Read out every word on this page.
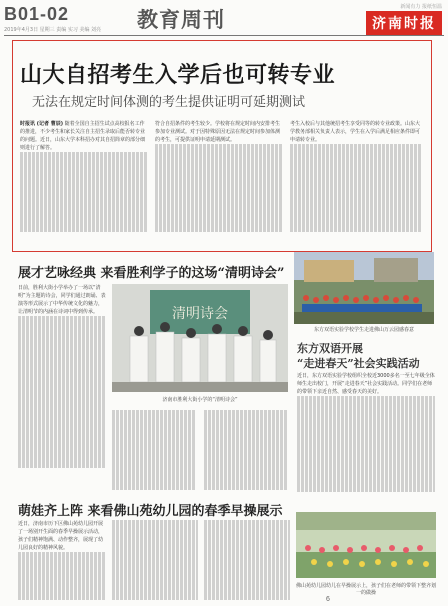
B01-02
2019年4月3日 星期三 责编 实习 美编 刘亮 教育周刊	新闻有力 报纸恒温
济南时报
山大自招考生入学后也可转专业
无法在规定时间体测的考生提供证明可延期测试
时报讯 (记者 曹辰) 随着全国自主招生试点高校报名工作的推进，不少考生和家长关注自主招生录取后能否转专业的问题。近日，山东大学本科招办对其自招简章的部分细则进行了解答。
符合自招条件的考生较少。学校将在规定时间内安排考生参加专业测试。对于因特殊原因无法在规定时间参加体测的考生，可提供证明申请延期测试。
考生入校后与其他统招考生享受同等的转专业政策。山东大学教务部相关负责人表示，学生在入学后满足相应条件即可申请转专业。
东方双语实验学校学生走进佛山万云园感春意
东方双语开展
“走进春天”社会实践活动
近日，东方双语实验学校组织全校近3000多名一至七年级全体师生走出校门，开展“走进春天”社会实践活动。同学们在老师的带领下亲近自然、感受春天的美好。
展才艺咏经典 来看胜利学子的这场“清明诗会”
日前，胜利大街小学举办了一场以“清明”为主题的诗会，同学们通过朗诵、表演等形式展示了中华传统文化的魅力，让清明节的内涵在诗词中得到传承。	清明诗会
济南市胜利大街小学的“清明诗会”
萌娃齐上阵 来看佛山苑幼儿园的春季早操展示
近日，济南市历下区佛山苑幼儿园开展了一场别开生面的春季早操展示活动，孩子们精神饱满、动作整齐，展现了幼儿园良好的精神风貌。
佛山苑幼儿园幼儿在早操展示上，孩子们在老师的带领下整齐划一的做操
6
